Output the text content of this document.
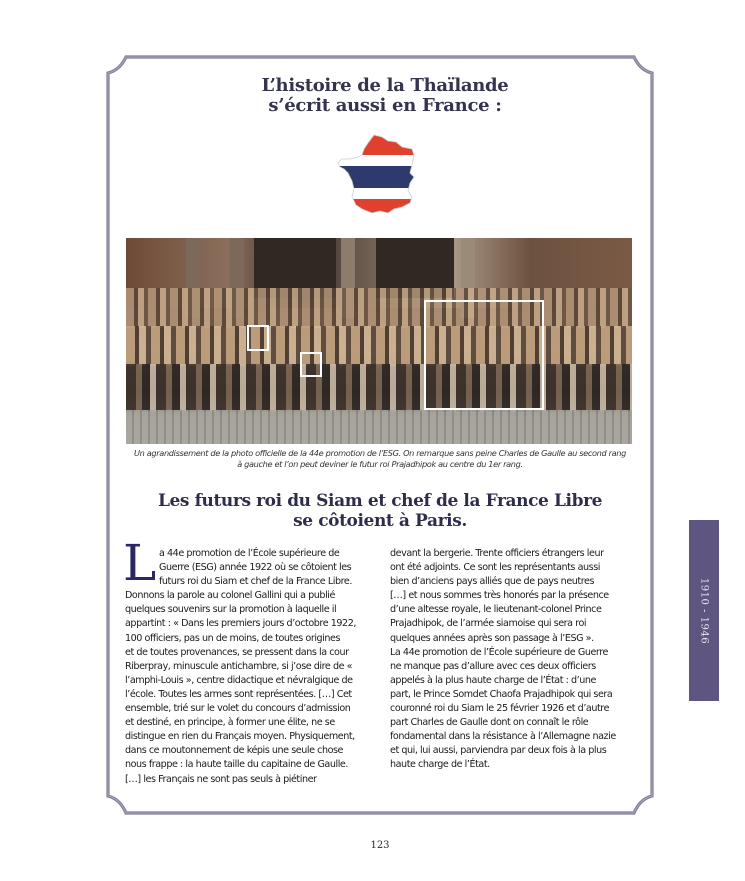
L’histoire de la Thaïlande
s’écrit aussi en France :
Un agrandissement de la photo officielle de la 44e promotion de l’ESG. On remarque sans peine Charles de Gaulle au second rang
à gauche et l’on peut deviner le futur roi Prajadhipok au centre du 1er rang.
Les futurs roi du Siam et chef de la France Libre
se côtoient à Paris.
L a 44e promotion de l’École supérieure de
Guerre (ESG) année 1922 où se côtoient les
futurs roi du Siam et chef de la France Libre.
Donnons la parole au colonel Gallini qui a publié
quelques souvenirs sur la promotion à laquelle il
appartint : « Dans les premiers jours d’octobre 1922,
100 officiers, pas un de moins, de toutes origines
et de toutes provenances, se pressent dans la cour
Riberpray, minuscule antichambre, si j’ose dire de «
l’amphi-Louis », centre didactique et névralgique de
l’école. Toutes les armes sont représentées. […] Cet
ensemble, trié sur le volet du concours d’admission
et destiné, en principe, à former une élite, ne se
distingue en rien du Français moyen. Physiquement,
dans ce moutonnement de képis une seule chose
nous frappe : la haute taille du capitaine de Gaulle.
[…] les Français ne sont pas seuls à piétiner
devant la bergerie. Trente officiers étrangers leur
ont été adjoints. Ce sont les représentants aussi
bien d’anciens pays alliés que de pays neutres
[…] et nous sommes très honorés par la présence
d’une altesse royale, le lieutenant-colonel Prince
Prajadhipok, de l’armée siamoise qui sera roi
quelques années après son passage à l’ESG ».
La 44e promotion de l’École supérieure de Guerre
ne manque pas d’allure avec ces deux officiers
appelés à la plus haute charge de l’État : d’une
part, le Prince Somdet Chaofa Prajadhipok qui sera
couronné roi du Siam le 25 février 1926 et d’autre
part Charles de Gaulle dont on connaît le rôle
fondamental dans la résistance à l’Allemagne nazie
et qui, lui aussi, parviendra par deux fois à la plus
haute charge de l’État.
1910 - 1946
123
